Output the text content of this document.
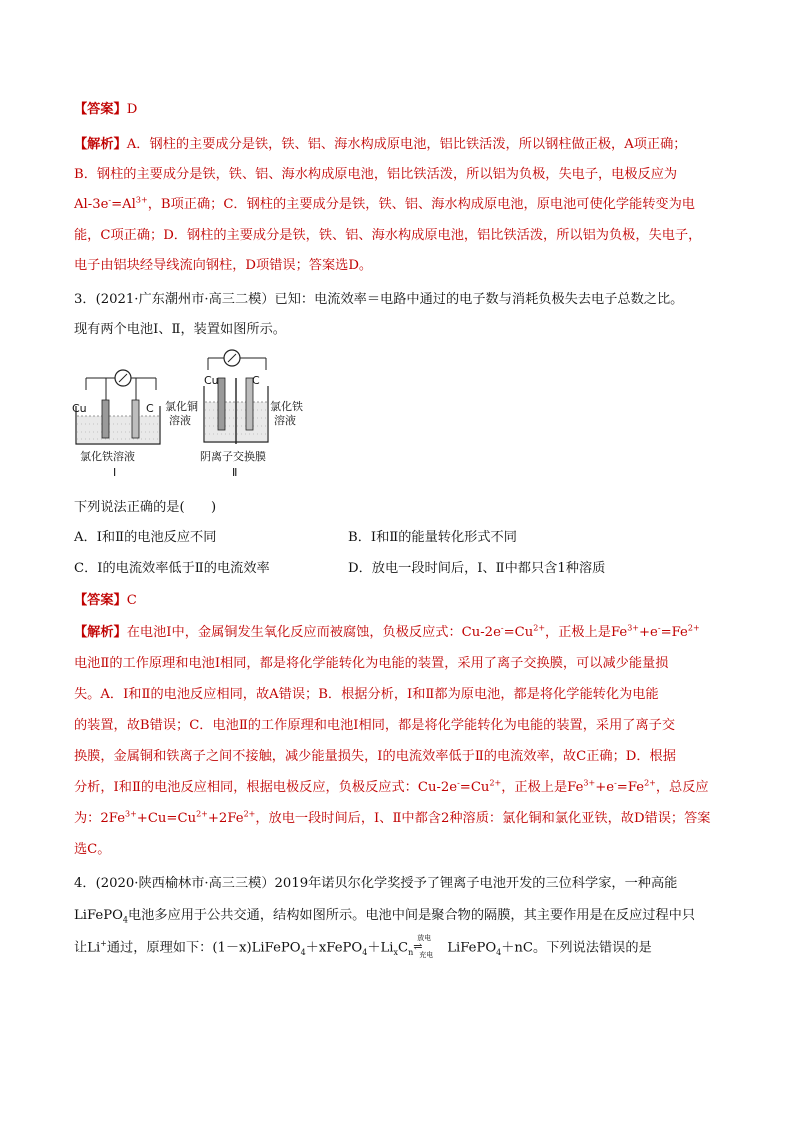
【答案】D
【解析】A．钢柱的主要成分是铁，铁、铝、海水构成原电池，铝比铁活泼，所以钢柱做正极，A项正确；
B．钢柱的主要成分是铁，铁、铝、海水构成原电池，铝比铁活泼，所以铝为负极，失电子，电极反应为
$Al-3e^-=Al^{3+}$，B项正确；C．钢柱的主要成分是铁，铁、铝、海水构成原电池，原电池可使化学能转变为电
能，C项正确；D．钢柱的主要成分是铁，铁、铝、海水构成原电池，铝比铁活泼，所以铝为负极，失电子，
电子由铝块经导线流向钢柱，D项错误；答案选D。
3．(2021·广东潮州市·高三二模）已知：电流效率＝电路中通过的电子数与消耗负极失去电子总数之比。
现有两个电池Ⅰ、Ⅱ，装置如图所示。
Cu	C
氯化铁溶液
Ⅰ
Cu	C
氯化铜
溶液
氯化铁
溶液
阴离子交换膜
Ⅱ
下列说法正确的是(　　)
A．Ⅰ和Ⅱ的电池反应不同	B．Ⅰ和Ⅱ的能量转化形式不同
C．Ⅰ的电流效率低于Ⅱ的电流效率	D．放电一段时间后，Ⅰ、Ⅱ中都只含1种溶质
【答案】C
【解析】在电池Ⅰ中，金属铜发生氧化反应而被腐蚀，负极反应式：$Cu-2e^-=Cu^{2+}$，正极上是$Fe^{3+}+e^-=Fe^{2+}$
电池Ⅱ的工作原理和电池Ⅰ相同，都是将化学能转化为电能的装置，采用了离子交换膜，可以减少能量损
失。A．Ⅰ和Ⅱ的电池反应相同，故A错误；B．根据分析，Ⅰ和Ⅱ都为原电池，都是将化学能转化为电能
的装置，故B错误；C．电池Ⅱ的工作原理和电池Ⅰ相同，都是将化学能转化为电能的装置，采用了离子交
换膜，金属铜和铁离子之间不接触，减少能量损失，Ⅰ的电流效率低于Ⅱ的电流效率，故C正确；D．根据
分析，Ⅰ和Ⅱ的电池反应相同，根据电极反应，负极反应式：$Cu-2e^-=Cu^{2+}$，正极上是$Fe^{3+}+e^-=Fe^{2+}$，总反应
为：$2Fe^{3+}+Cu=Cu^{2+}+2Fe^{2+}$，放电一段时间后，Ⅰ、Ⅱ中都含2种溶质：氯化铜和氯化亚铁，故D错误；答案
选C。
4．(2020·陕西榆林市·高三三模）2019年诺贝尔化学奖授予了锂离子电池开发的三位科学家，一种高能
LiFePO$_4$电池多应用于公共交通，结构如图所示。电池中间是聚合物的隔膜，其主要作用是在反应过程中只
让Li+通过，原理如下：$(1-x)LiFePO_4+xFePO_4+Li_xC_n$
放电
⇌
充电 LiFePO$_4$＋nC。下列说法错误的是
